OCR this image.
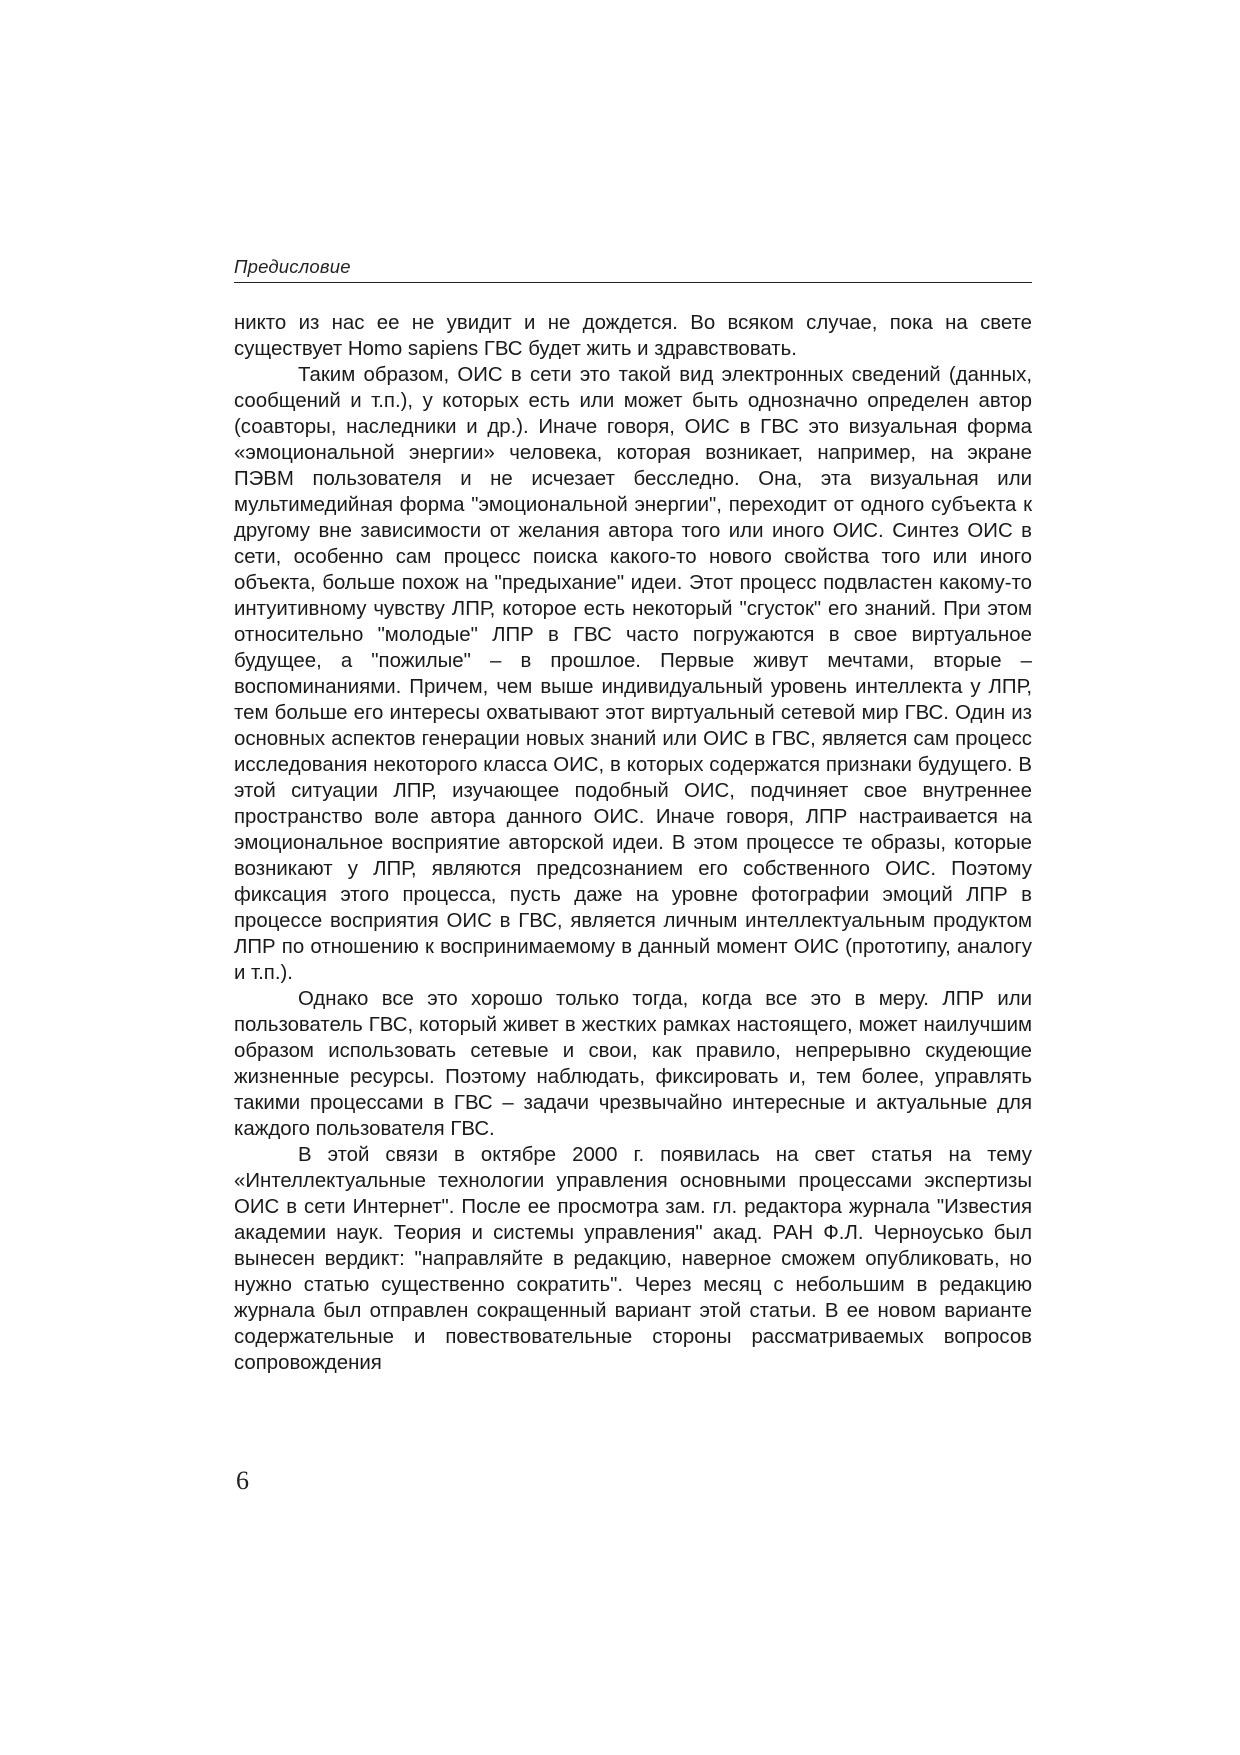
Предисловие

никто из нас ее не увидит и не дождется. Во всяком случае, пока на свете существует Homo sapiens ГВС будет жить и здравствовать.

Таким образом, ОИС в сети это такой вид электронных сведений (данных, сообщений и т.п.), у которых есть или может быть однозначно определен автор (соавторы, наследники и др.). Иначе говоря, ОИС в ГВС это визуальная форма «эмоциональной энергии» человека, которая возникает, например, на экране ПЭВМ пользователя и не исчезает бесследно. Она, эта визуальная или мультимедийная форма "эмоциональной энергии", переходит от одного субъекта к другому вне зависимости от желания автора того или иного ОИС. Синтез ОИС в сети, особенно сам процесс поиска какого-то нового свойства того или иного объекта, больше похож на "предыхание" идеи. Этот процесс подвластен какому-то интуитивному чувству ЛПР, которое есть некоторый "сгусток" его знаний. При этом относительно "молодые" ЛПР в ГВС часто погружаются в свое виртуальное будущее, а "пожилые" – в прошлое. Первые живут мечтами, вторые – воспоминаниями. Причем, чем выше индивидуальный уровень интеллекта у ЛПР, тем больше его интересы охватывают этот виртуальный сетевой мир ГВС. Один из основных аспектов генерации новых знаний или ОИС в ГВС, является сам процесс исследования некоторого класса ОИС, в которых содержатся признаки будущего. В этой ситуации ЛПР, изучающее подобный ОИС, подчиняет свое внутреннее пространство воле автора данного ОИС. Иначе говоря, ЛПР настраивается на эмоциональное восприятие авторской идеи. В этом процессе те образы, которые возникают у ЛПР, являются предсознанием его собственного ОИС. Поэтому фиксация этого процесса, пусть даже на уровне фотографии эмоций ЛПР в процессе восприятия ОИС в ГВС, является личным интеллектуальным продуктом ЛПР по отношению к воспринимаемому в данный момент ОИС (прототипу, аналогу и т.п.).

Однако все это хорошо только тогда, когда все это в меру. ЛПР или пользователь ГВС, который живет в жестких рамках настоящего, может наилучшим образом использовать сетевые и свои, как правило, непрерывно скудеющие жизненные ресурсы. Поэтому наблюдать, фиксировать и, тем более, управлять такими процессами в ГВС – задачи чрезвычайно интересные и актуальные для каждого пользователя ГВС.

В этой связи в октябре 2000 г. появилась на свет статья на тему «Интеллектуальные технологии управления основными процессами экспертизы ОИС в сети Интернет". После ее просмотра зам. гл. редактора журнала "Известия академии наук. Теория и системы управления" акад. РАН Ф.Л. Черноусько был вынесен вердикт: "направляйте в редакцию, наверное сможем опубликовать, но нужно статью существенно сократить". Через месяц с небольшим в редакцию журнала был отправлен сокращенный вариант этой статьи. В ее новом варианте содержательные и повествовательные стороны рассматриваемых вопросов сопровождения

6
